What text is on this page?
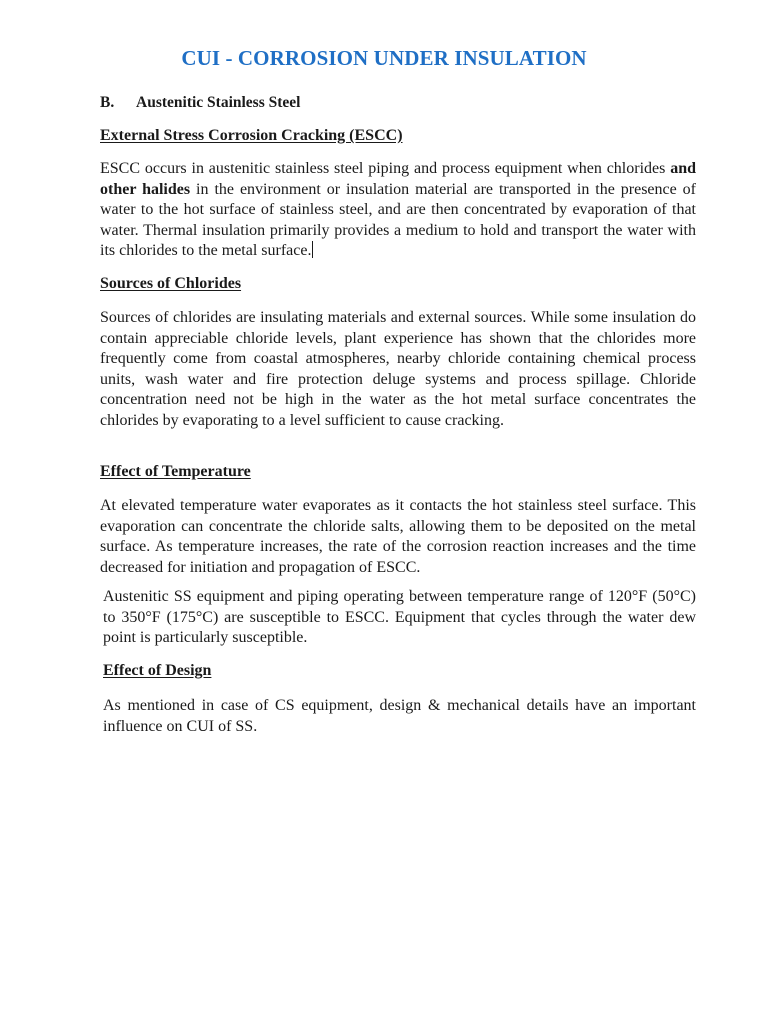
CUI - CORROSION UNDER INSULATION
B. Austenitic Stainless Steel
External Stress Corrosion Cracking (ESCC)
ESCC occurs in austenitic stainless steel piping and process equipment when chlorides and other halides in the environment or insulation material are transported in the presence of water to the hot surface of stainless steel, and are then concentrated by evaporation of that water. Thermal insulation primarily provides a medium to hold and transport the water with its chlorides to the metal surface.
Sources of Chlorides
Sources of chlorides are insulating materials and external sources. While some insulation do contain appreciable chloride levels, plant experience has shown that the chlorides more frequently come from coastal atmospheres, nearby chloride containing chemical process units, wash water and fire protection deluge systems and process spillage. Chloride concentration need not be high in the water as the hot metal surface concentrates the chlorides by evaporating to a level sufficient to cause cracking.
Effect of Temperature
At elevated temperature water evaporates as it contacts the hot stainless steel surface. This evaporation can concentrate the chloride salts, allowing them to be deposited on the metal surface. As temperature increases, the rate of the corrosion reaction increases and the time decreased for initiation and propagation of ESCC.
Austenitic SS equipment and piping operating between temperature range of 120°F (50°C) to 350°F (175°C) are susceptible to ESCC. Equipment that cycles through the water dew point is particularly susceptible.
Effect of Design
As mentioned in case of CS equipment, design & mechanical details have an important influence on CUI of SS.
